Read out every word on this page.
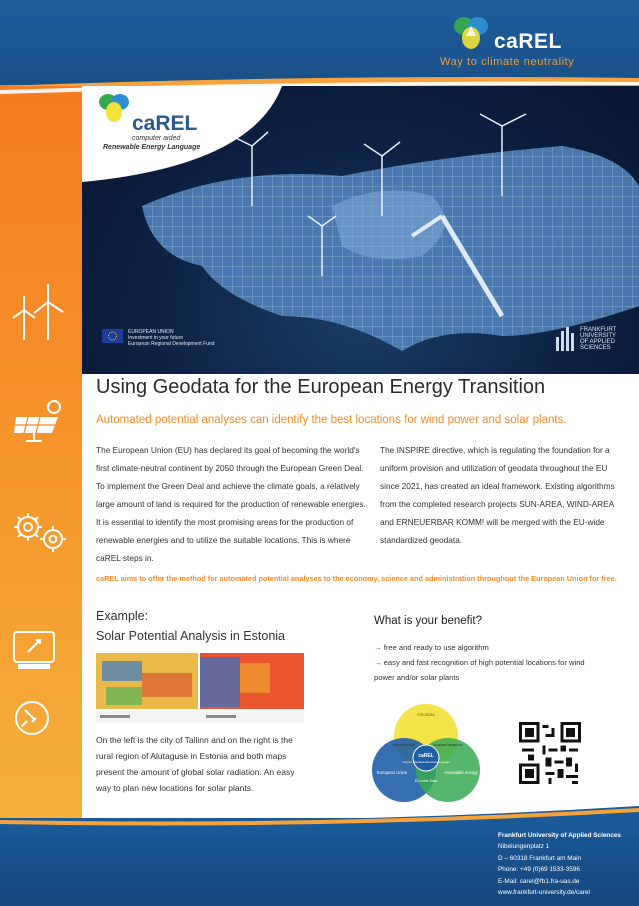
caREL
Way to climate neutrality
caREL
computer aided
Renewable Energy Language
EUROPEAN UNION
Investment in your future
European Regional Development Fund
FRANKFURT
UNIVERSITY
OF APPLIED SCIENCES
Using Geodata for the European Energy Transition
Automated potential analyses can identify the best locations for wind power and solar plants.
The European Union (EU) has declared its goal of becoming the world's first climate-neutral continent by 2050 through the European Green Deal. To implement the Green Deal and achieve the climate goals, a relatively large amount of land is required for the production of renewable energies. It is essential to identify the most promising areas for the production of renewable energies and to utilize the suitable locations. This is where caREL steps in.
The INSPIRE directive, which is regulating the foundation for a uniform provision and utilization of geodata throughout the EU since 2021, has created an ideal framework. Existing algorithms from the completed research projects SUN-AREA, WIND-AREA and ERNEUERBAR KOMM! will be merged with the EU-wide standardized geodata.
caREL aims to offer the method for automated potential analyses to the economy, science and administration throughout the European Union for free.
Example:
Solar Potential Analysis in Estonia
On the left is the city of Tallinn and on the right is the rural region of Alutaguse in Estonia and both maps present the amount of global solar radiation. An easy way to plan new locations for solar plants.
What is your benefit?
→ free and ready to use algorithm
→ easy and fast recognition of high potential locations for wind power and/or solar plants
Geodata
economic use	localized analyses
caREL
computer aided Renewable Energy Language
European Union	renewable energy
EU-wide Data
Frankfurt University of Applied Sciences
Nibelungenplatz 1
D – 60318 Frankfurt am Main
Phone: +49 (0)69 1533-3596
E-Mail: carel@fb1.fra-uas.de
www.frankfurt-university.de/carel
